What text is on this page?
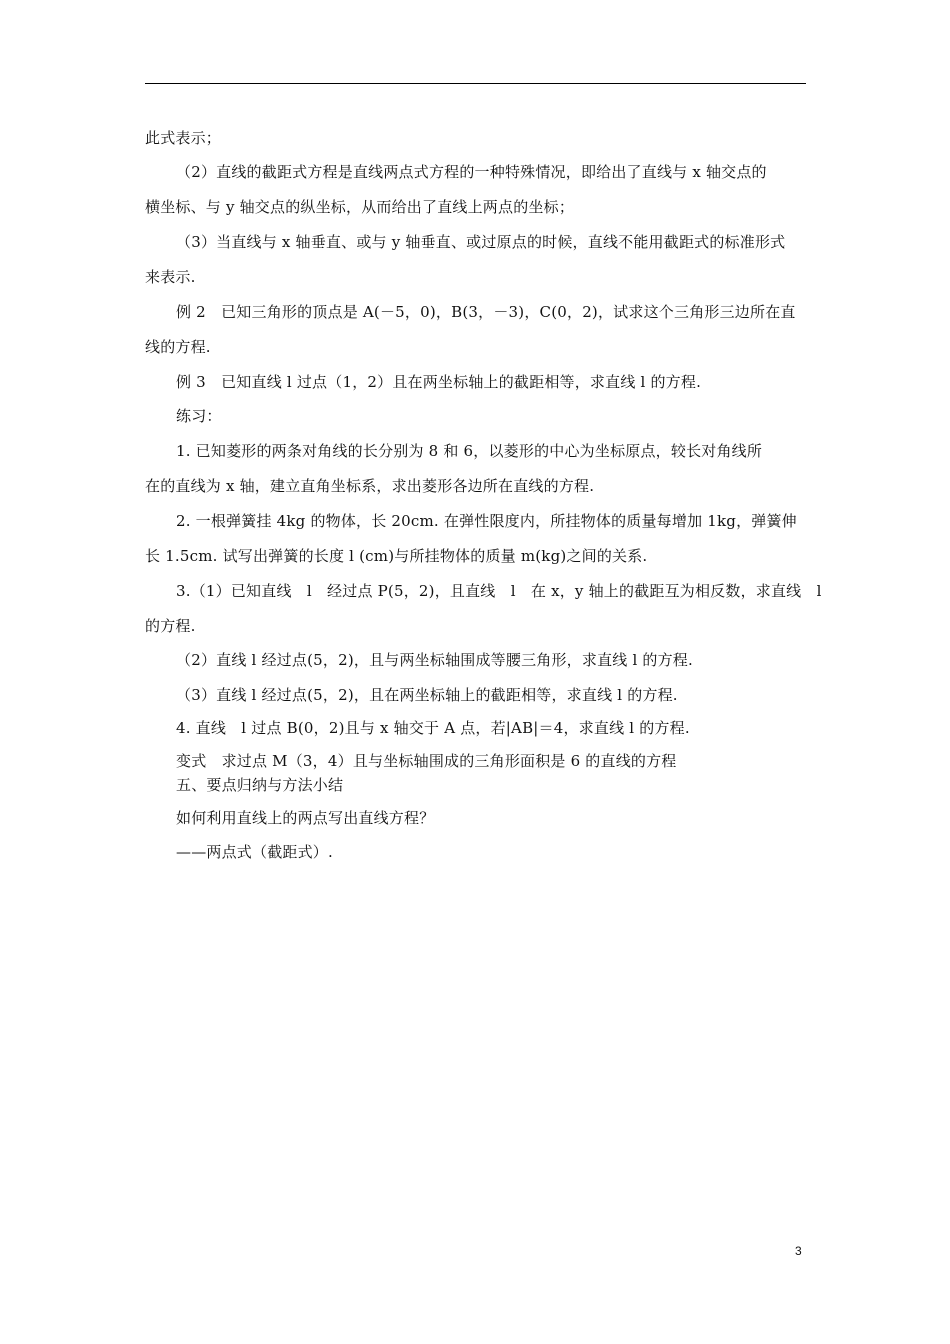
此式表示；
（2）直线的截距式方程是直线两点式方程的一种特殊情况，即给出了直线与 x 轴交点的
横坐标、与 y 轴交点的纵坐标，从而给出了直线上两点的坐标；
（3）当直线与 x 轴垂直、或与 y 轴垂直、或过原点的时候，直线不能用截距式的标准形式
来表示.
例 2　已知三角形的顶点是 A(－5，0)，B(3，－3)，C(0，2)，试求这个三角形三边所在直
线的方程.
例 3　已知直线 l 过点（1，2）且在两坐标轴上的截距相等，求直线 l 的方程.
练习：
1. 已知菱形的两条对角线的长分别为 8 和 6，以菱形的中心为坐标原点，较长对角线所
在的直线为 x 轴，建立直角坐标系，求出菱形各边所在直线的方程.
2. 一根弹簧挂 4kg 的物体，长 20cm. 在弹性限度内，所挂物体的质量每增加 1kg，弹簧伸
长 1.5cm. 试写出弹簧的长度 l (cm)与所挂物体的质量 m(kg)之间的关系.
3.（1）已知直线　l　经过点 P(5，2)，且直线　l　在 x，y 轴上的截距互为相反数，求直线　l
的方程.
（2）直线 l 经过点(5，2)，且与两坐标轴围成等腰三角形，求直线 l 的方程.
（3）直线 l 经过点(5，2)，且在两坐标轴上的截距相等，求直线 l 的方程.
4. 直线　l 过点 B(0，2)且与 x 轴交于 A 点，若|AB|＝4，求直线 l 的方程.
变式　求过点 M（3，4）且与坐标轴围成的三角形面积是 6 的直线的方程
五、要点归纳与方法小结
如何利用直线上的两点写出直线方程？
——两点式（截距式）.
3
